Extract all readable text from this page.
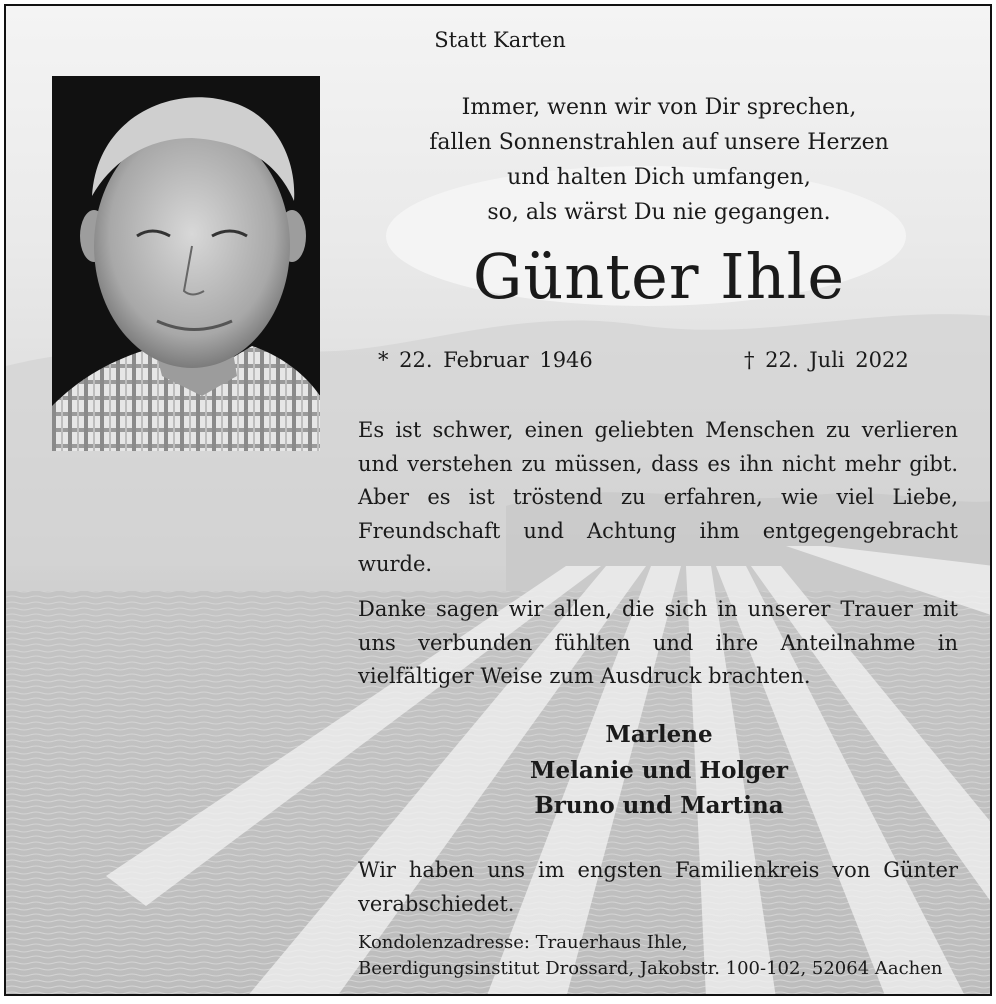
Statt Karten

Immer, wenn wir von Dir sprechen,
fallen Sonnenstrahlen auf unsere Herzen
und halten Dich umfangen,
so, als wärst Du nie gegangen.

Günter Ihle

* 22. Februar 1946	† 22. Juli 2022

Es ist schwer, einen geliebten Menschen zu verlieren und verstehen zu müssen, dass es ihn nicht mehr gibt. Aber es ist tröstend zu erfahren, wie viel Liebe, Freundschaft und Achtung ihm entgegengebracht wurde.

Danke sagen wir allen, die sich in unserer Trauer mit uns verbunden fühlten und ihre Anteilnahme in vielfältiger Weise zum Ausdruck brachten.

Marlene
Melanie und Holger
Bruno und Martina

Wir haben uns im engsten Familienkreis von Günter verabschiedet.

Kondolenzadresse: Trauerhaus Ihle,

Beerdigungsinstitut Drossard, Jakobstr. 100-102, 52064 Aachen
